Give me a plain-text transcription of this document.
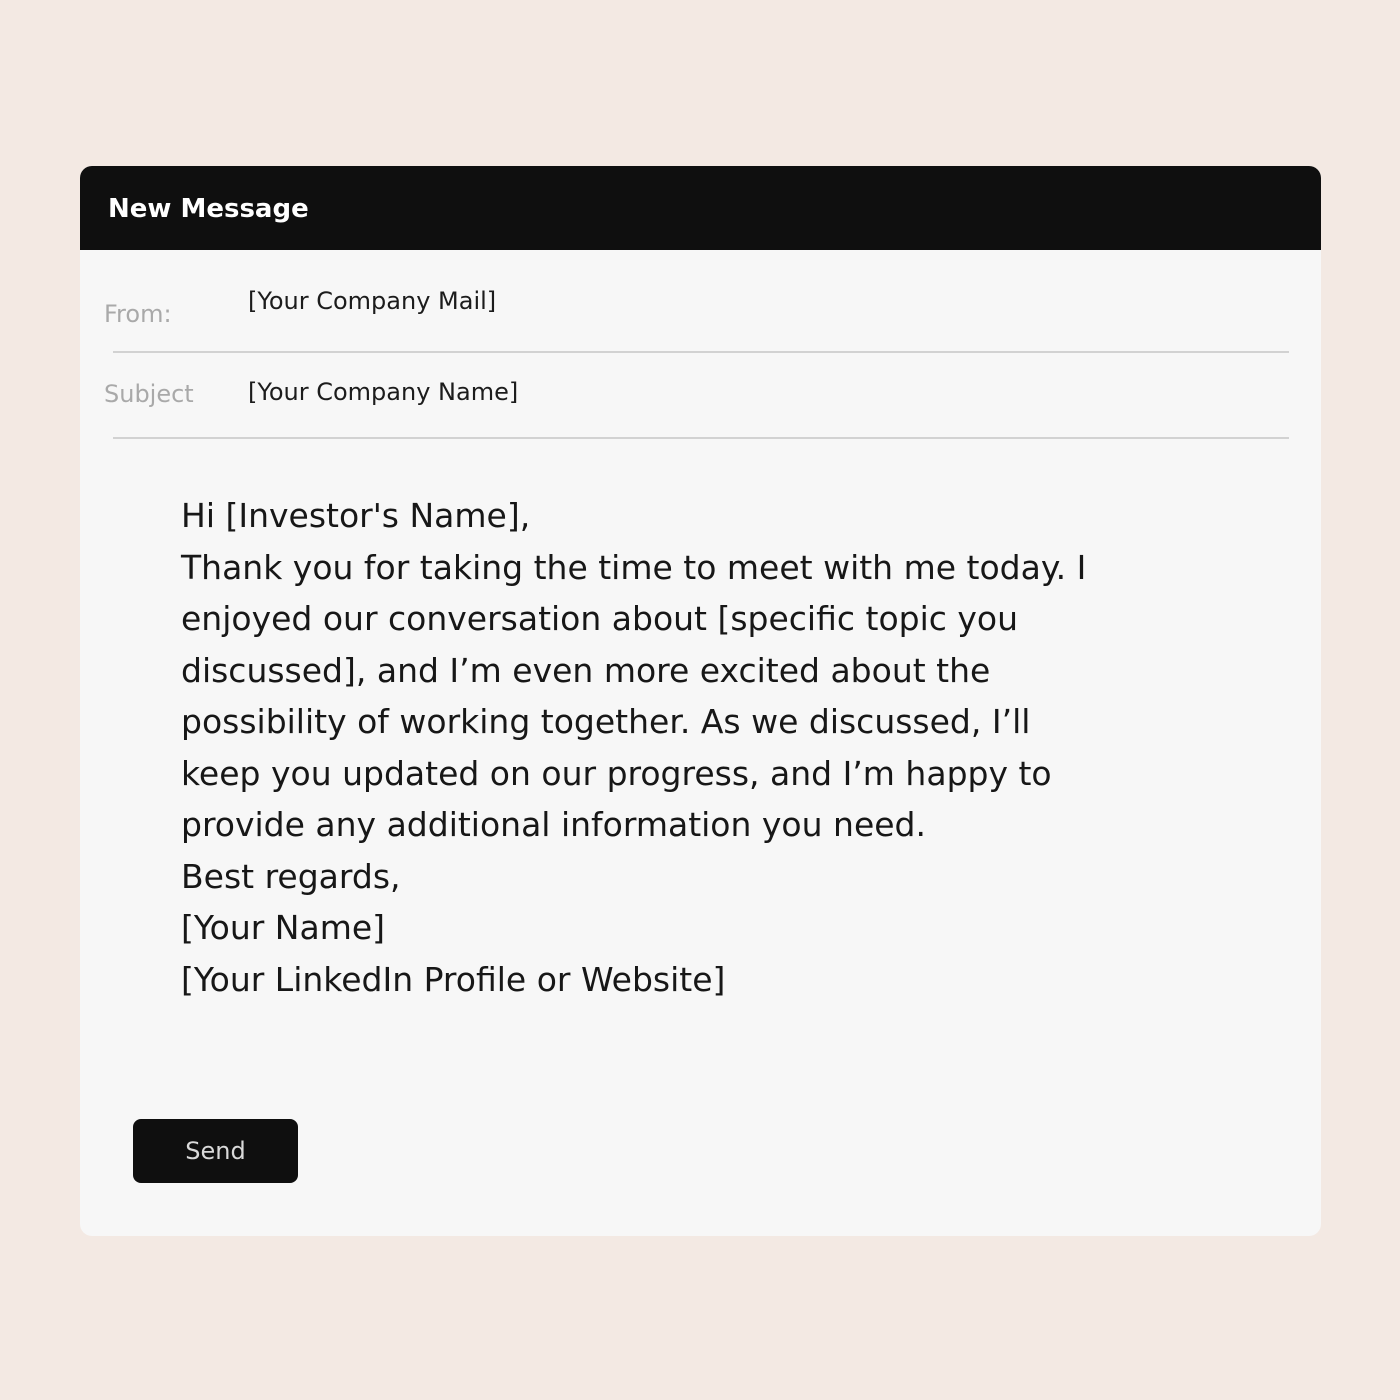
New Message
From:	[Your Company Mail]
Subject [Your Company Name]
Hi [Investor's Name],
Thank you for taking the time to meet with me today. I
enjoyed our conversation about [specific topic you
discussed], and I’m even more excited about the
possibility of working together. As we discussed, I’ll
keep you updated on our progress, and I’m happy to
provide any additional information you need.
Best regards,
[Your Name]
[Your LinkedIn Profile or Website]
Send
